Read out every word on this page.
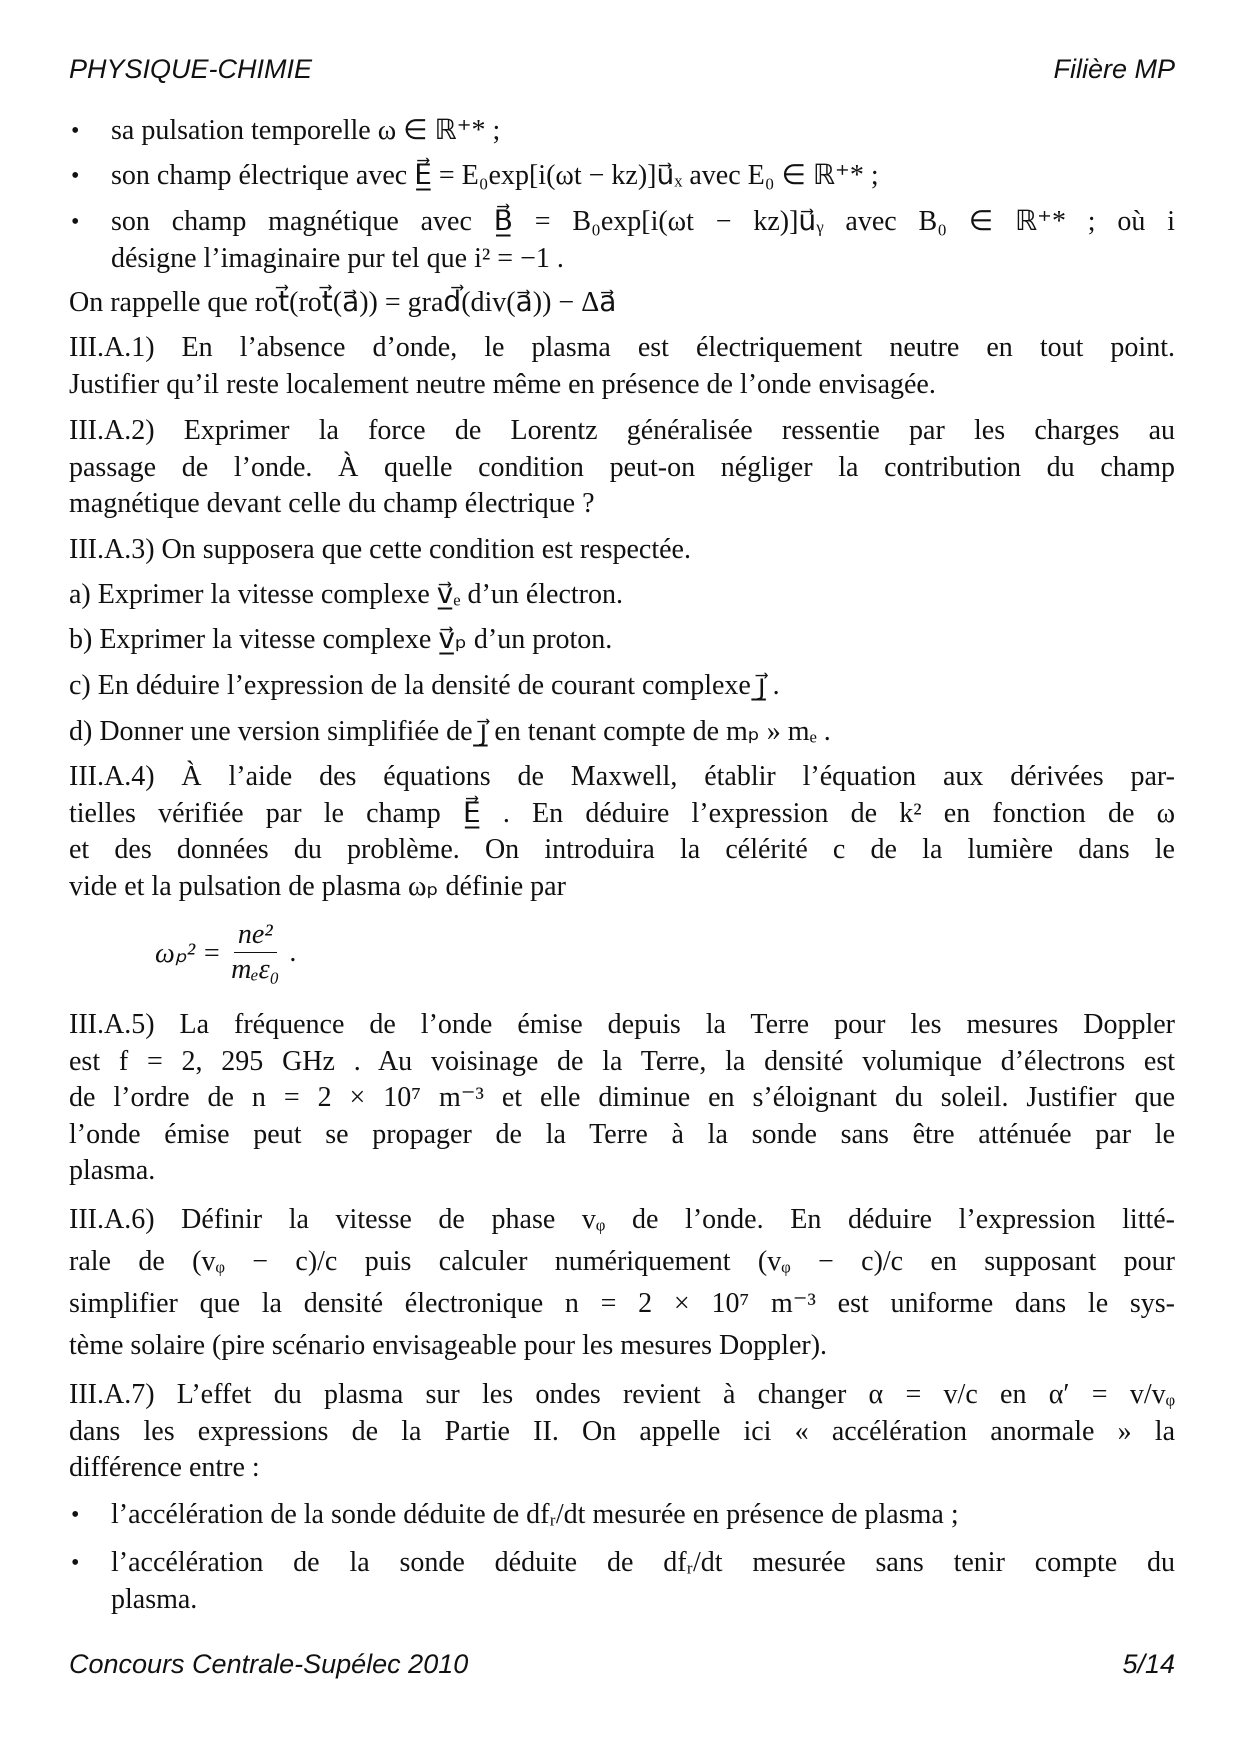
PHYSIQUE-CHIMIE	Filière MP
• sa pulsation temporelle ω ∈ ℝ⁺* ;
• son champ électrique avec E̲⃗ = E₀exp[i(ωt − kz)]u⃗ₓ avec E₀ ∈ ℝ⁺* ;
• son champ magnétique avec B̲⃗ = B₀exp[i(ωt − kz)]u⃗ᵧ avec B₀ ∈ ℝ⁺* ; où i
désigne l’imaginaire pur tel que i² = −1 .
On rappelle que rot⃗(rot⃗(a⃗)) = grad⃗(div(a⃗)) − Δa⃗
III.A.1) En l’absence d’onde, le plasma est électriquement neutre en tout point.
Justifier qu’il reste localement neutre même en présence de l’onde envisagée.
III.A.2) Exprimer la force de Lorentz généralisée ressentie par les charges au
passage de l’onde. À quelle condition peut-on négliger la contribution du champ
magnétique devant celle du champ électrique ?
III.A.3) On supposera que cette condition est respectée.
a) Exprimer la vitesse complexe v̲⃗ₑ d’un électron.
b) Exprimer la vitesse complexe v̲⃗ₚ d’un proton.
c) En déduire l’expression de la densité de courant complexe j̲⃗ .
d) Donner une version simplifiée de j̲⃗ en tenant compte de mₚ » mₑ .
III.A.4) À l’aide des équations de Maxwell, établir l’équation aux dérivées par-
tielles vérifiée par le champ E̲⃗ . En déduire l’expression de k² en fonction de ω
et des données du problème. On introduira la célérité c de la lumière dans le
vide et la pulsation de plasma ωₚ définie par
III.A.5) La fréquence de l’onde émise depuis la Terre pour les mesures Doppler
est f = 2, 295 GHz . Au voisinage de la Terre, la densité volumique d’électrons est
de l’ordre de n = 2 × 10⁷ m⁻³ et elle diminue en s’éloignant du soleil. Justifier que
l’onde émise peut se propager de la Terre à la sonde sans être atténuée par le
plasma.
III.A.6) Définir la vitesse de phase vᵩ de l’onde. En déduire l’expression litté-
rale de (vᵩ − c)/c puis calculer numériquement (vᵩ − c)/c en supposant pour
simplifier que la densité électronique n = 2 × 10⁷ m⁻³ est uniforme dans le sys-
tème solaire (pire scénario envisageable pour les mesures Doppler).
III.A.7) L’effet du plasma sur les ondes revient à changer α = v/c en α′ = v/vᵩ
dans les expressions de la Partie II. On appelle ici « accélération anormale » la
différence entre :
• l’accélération de la sonde déduite de dfᵣ/dt mesurée en présence de plasma ;
• l’accélération de la sonde déduite de dfᵣ/dt mesurée sans tenir compte du
plasma.
$\omega_p^2 = \frac{\text{ne²}}{\text{mₑε₀}}$ .
Concours Centrale-Supélec 2010	5/14
